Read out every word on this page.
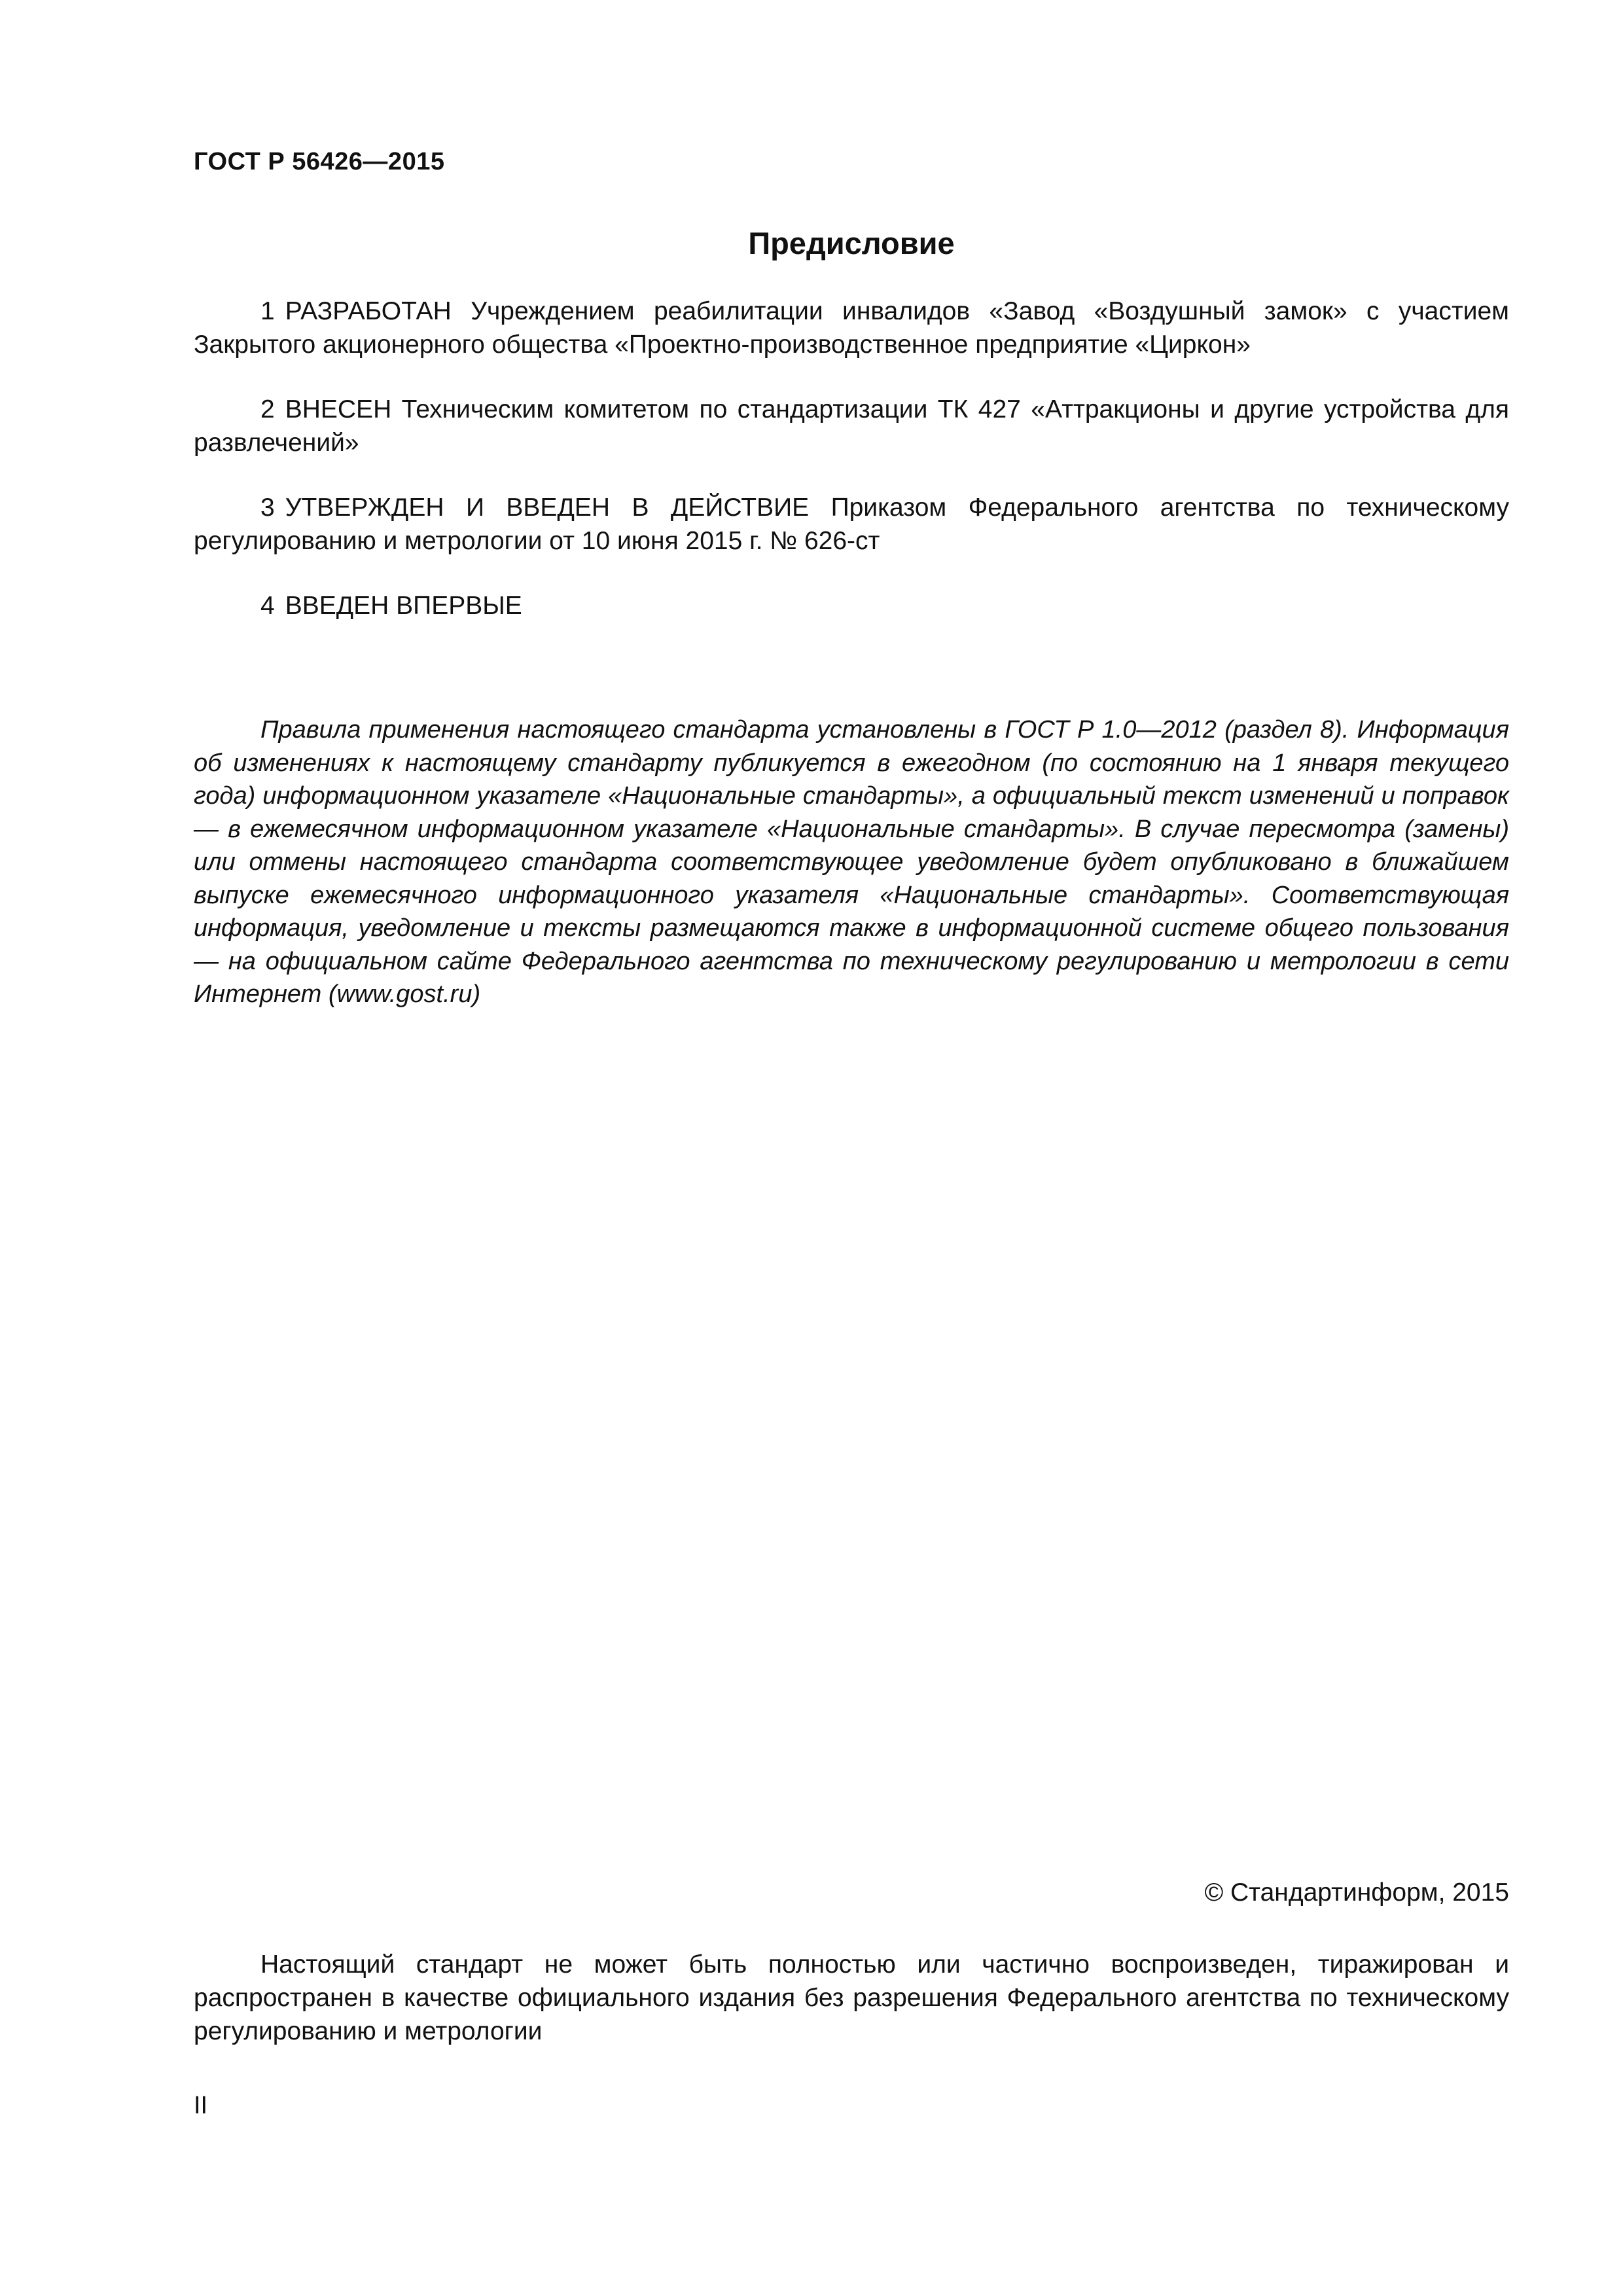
ГОСТ Р 56426—2015
Предисловие

1 РАЗРАБОТАН Учреждением реабилитации инвалидов «Завод «Воздушный замок» с участием Закрытого акционерного общества «Проектно-производственное предприятие «Циркон»

2 ВНЕСЕН Техническим комитетом по стандартизации ТК 427 «Аттракционы и другие устройства для развлечений»

3 УТВЕРЖДЕН И ВВЕДЕН В ДЕЙСТВИЕ Приказом Федерального агентства по техническому регулированию и метрологии от 10 июня 2015 г. № 626-ст

4 ВВЕДЕН ВПЕРВЫЕ

Правила применения настоящего стандарта установлены в ГОСТ Р 1.0—2012 (раздел 8). Информация об изменениях к настоящему стандарту публикуется в ежегодном (по состоянию на 1 января текущего года) информационном указателе «Национальные стандарты», а официальный текст изменений и поправок — в ежемесячном информационном указателе «Национальные стандарты». В случае пересмотра (замены) или отмены настоящего стандарта соответствующее уведомление будет опубликовано в ближайшем выпуске ежемесячного информационного указателя «Национальные стандарты». Соответствующая информация, уведомление и тексты размещаются также в информационной системе общего пользования — на официальном сайте Федерального агентства по техническому регулированию и метрологии в сети Интернет (www.gost.ru)

© Стандартинформ, 2015

Настоящий стандарт не может быть полностью или частично воспроизведен, тиражирован и распространен в качестве официального издания без разрешения Федерального агентства по техническому регулированию и метрологии

II
